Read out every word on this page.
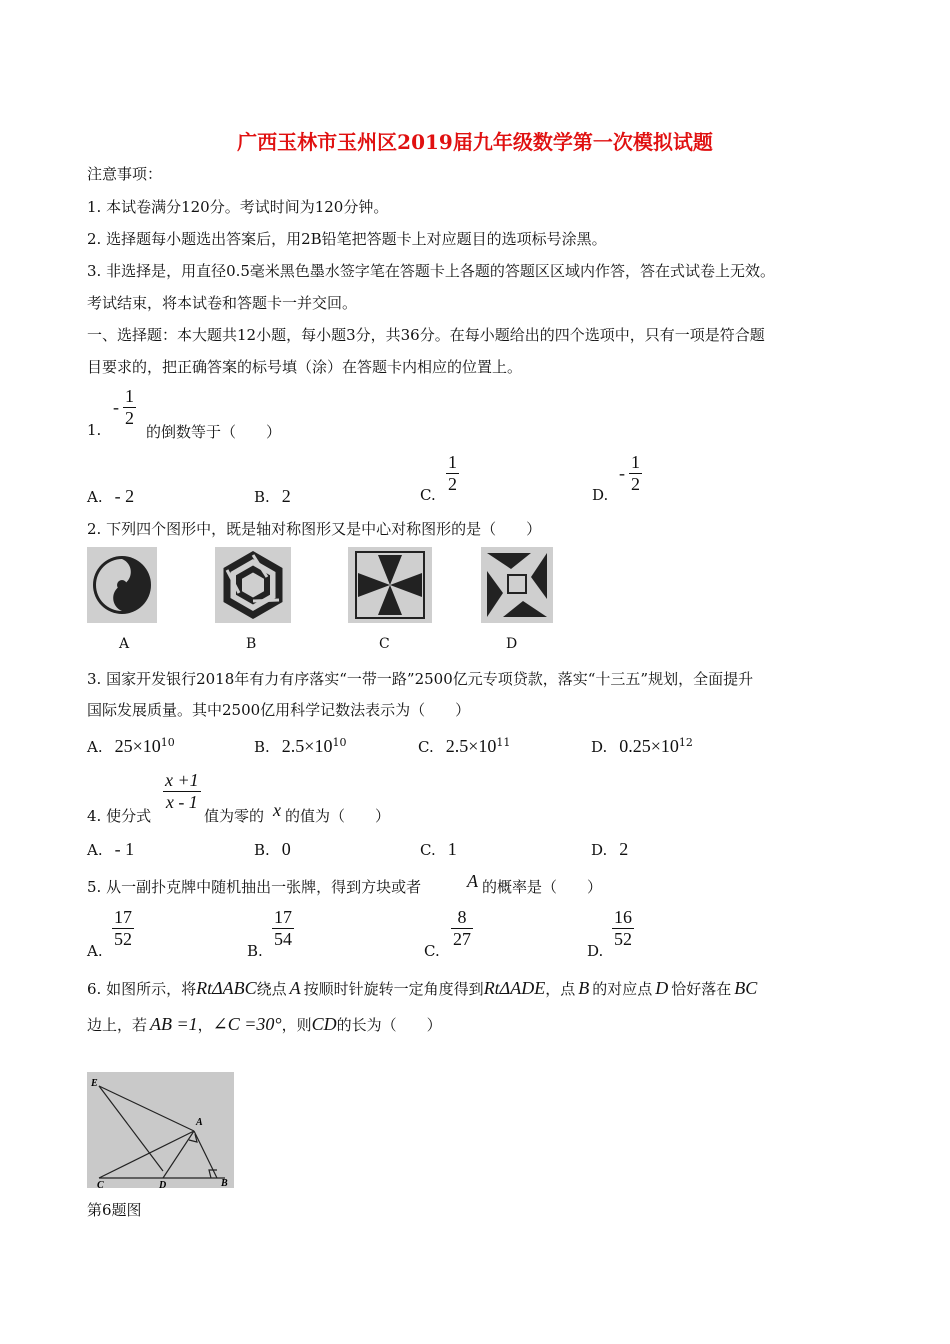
广西玉林市玉州区2019届九年级数学第一次模拟试题
注意事项：
1. 本试卷满分120分。考试时间为120分钟。
2. 选择题每小题选出答案后，用2B铅笔把答题卡上对应题目的选项标号涂黑。
3. 非选择是，用直径0.5毫米黑色墨水签字笔在答题卡上各题的答题区区域内作答，答在式试卷上无效。
考试结束，将本试卷和答题卡一并交回。
一、选择题：本大题共12小题，每小题3分，共36分。在每小题给出的四个选项中，只有一项是符合题
目要求的，把正确答案的标号填（涂）在答题卡内相应的位置上。
1.
- $\frac{1}{2}$
的倒数等于（　　）
A. - 2	B. 2	C.
$\frac{1}{2}$
D.
- $\frac{1}{2}$
2. 下列四个图形中，既是轴对称图形又是中心对称图形的是（　　）
A	B	C	D
3. 国家开发银行2018年有力有序落实“一带一路”2500亿元专项贷款，落实“十三五”规划，全面提升
国际发展质量。其中2500亿用科学记数法表示为（　　）
A. $25\times 10^{10}$	B. $2.5\times 10^{10}$	C. $2.5\times 10^{11}$	D. $0.25\times 10^{12}$
4. 使分式
$\frac{x +1}{x - 1}$
值为零的 x 的值为（　　）
A. - 1	B. 0	C. 1	D. 2
5. 从一副扑克牌中随机抽出一张牌，得到方块或者	A 的概率是（　　）
A.
$\frac{17}{52}$
B.
$\frac{17}{54}$
C.
$\frac{8}{27}$
D.
$\frac{16}{52}$
6. 如图所示，将RtΔABC绕点 A 按顺时针旋转一定角度得到RtΔADE，点 B 的对应点 D 恰好落在 BC
边上，若 AB =1，∠C =30°，则CD的长为（　　）
E
A
C	D	B
第6题图
